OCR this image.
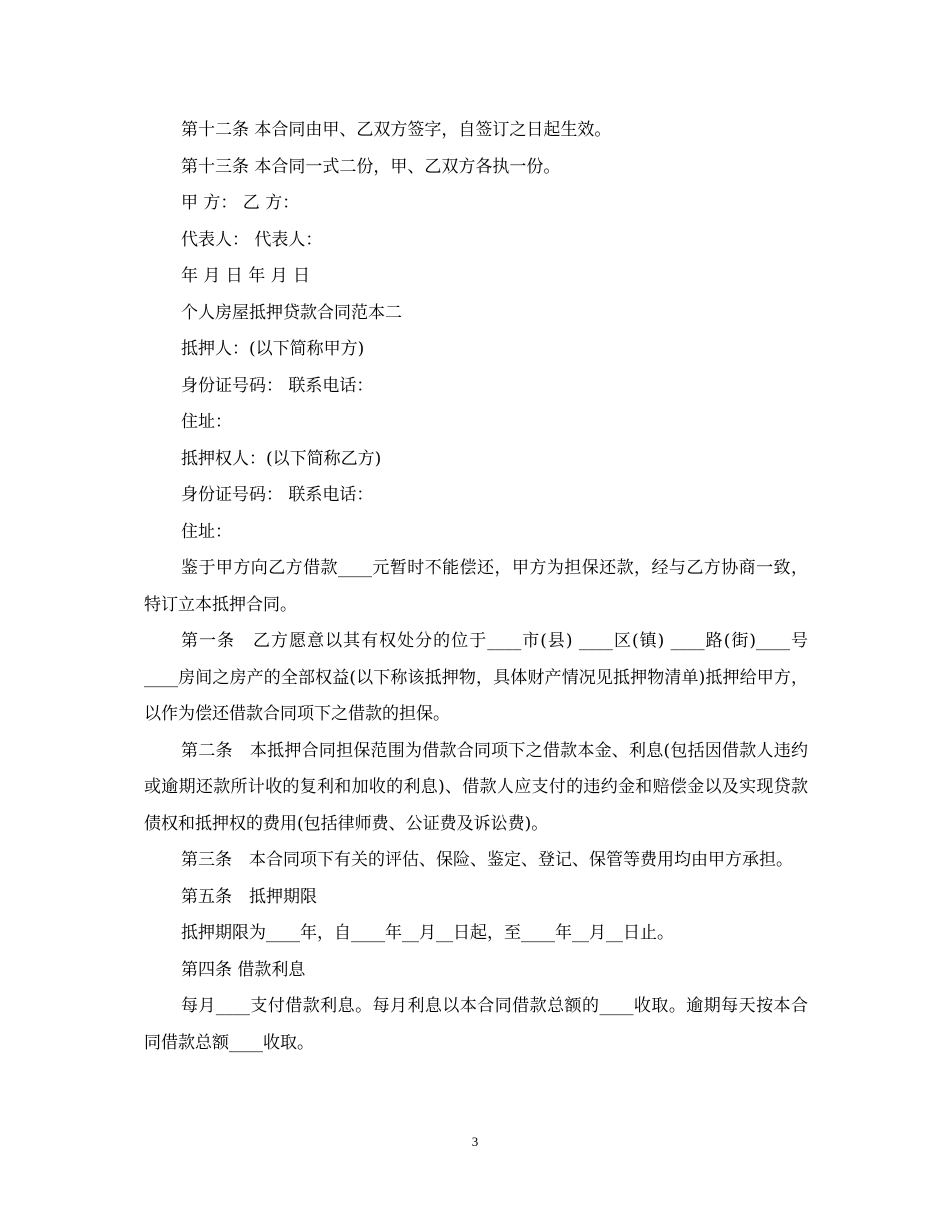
第十二条 本合同由甲、乙双方签字，自签订之日起生效。

第十三条 本合同一式二份，甲、乙双方各执一份。

甲 方： 乙 方：

代表人： 代表人：

年 月 日 年 月 日

个人房屋抵押贷款合同范本二

抵押人：(以下简称甲方)

身份证号码： 联系电话：

住址：

抵押权人：(以下简称乙方)

身份证号码： 联系电话：

住址：

鉴于甲方向乙方借款____元暂时不能偿还，甲方为担保还款，经与乙方协商一致，特订立本抵押合同。

第一条　乙方愿意以其有权处分的位于____市(县) ____区(镇) ____路(街)____号____房间之房产的全部权益(以下称该抵押物，具体财产情况见抵押物清单)抵押给甲方，以作为偿还借款合同项下之借款的担保。

第二条　本抵押合同担保范围为借款合同项下之借款本金、利息(包括因借款人违约或逾期还款所计收的复利和加收的利息)、借款人应支付的违约金和赔偿金以及实现贷款债权和抵押权的费用(包括律师费、公证费及诉讼费)。

第三条　本合同项下有关的评估、保险、鉴定、登记、保管等费用均由甲方承担。

第五条　抵押期限

抵押期限为____年，自____年__月__日起，至____年__月__日止。

第四条 借款利息

每月____支付借款利息。每月利息以本合同借款总额的____收取。逾期每天按本合同借款总额____收取。

3
